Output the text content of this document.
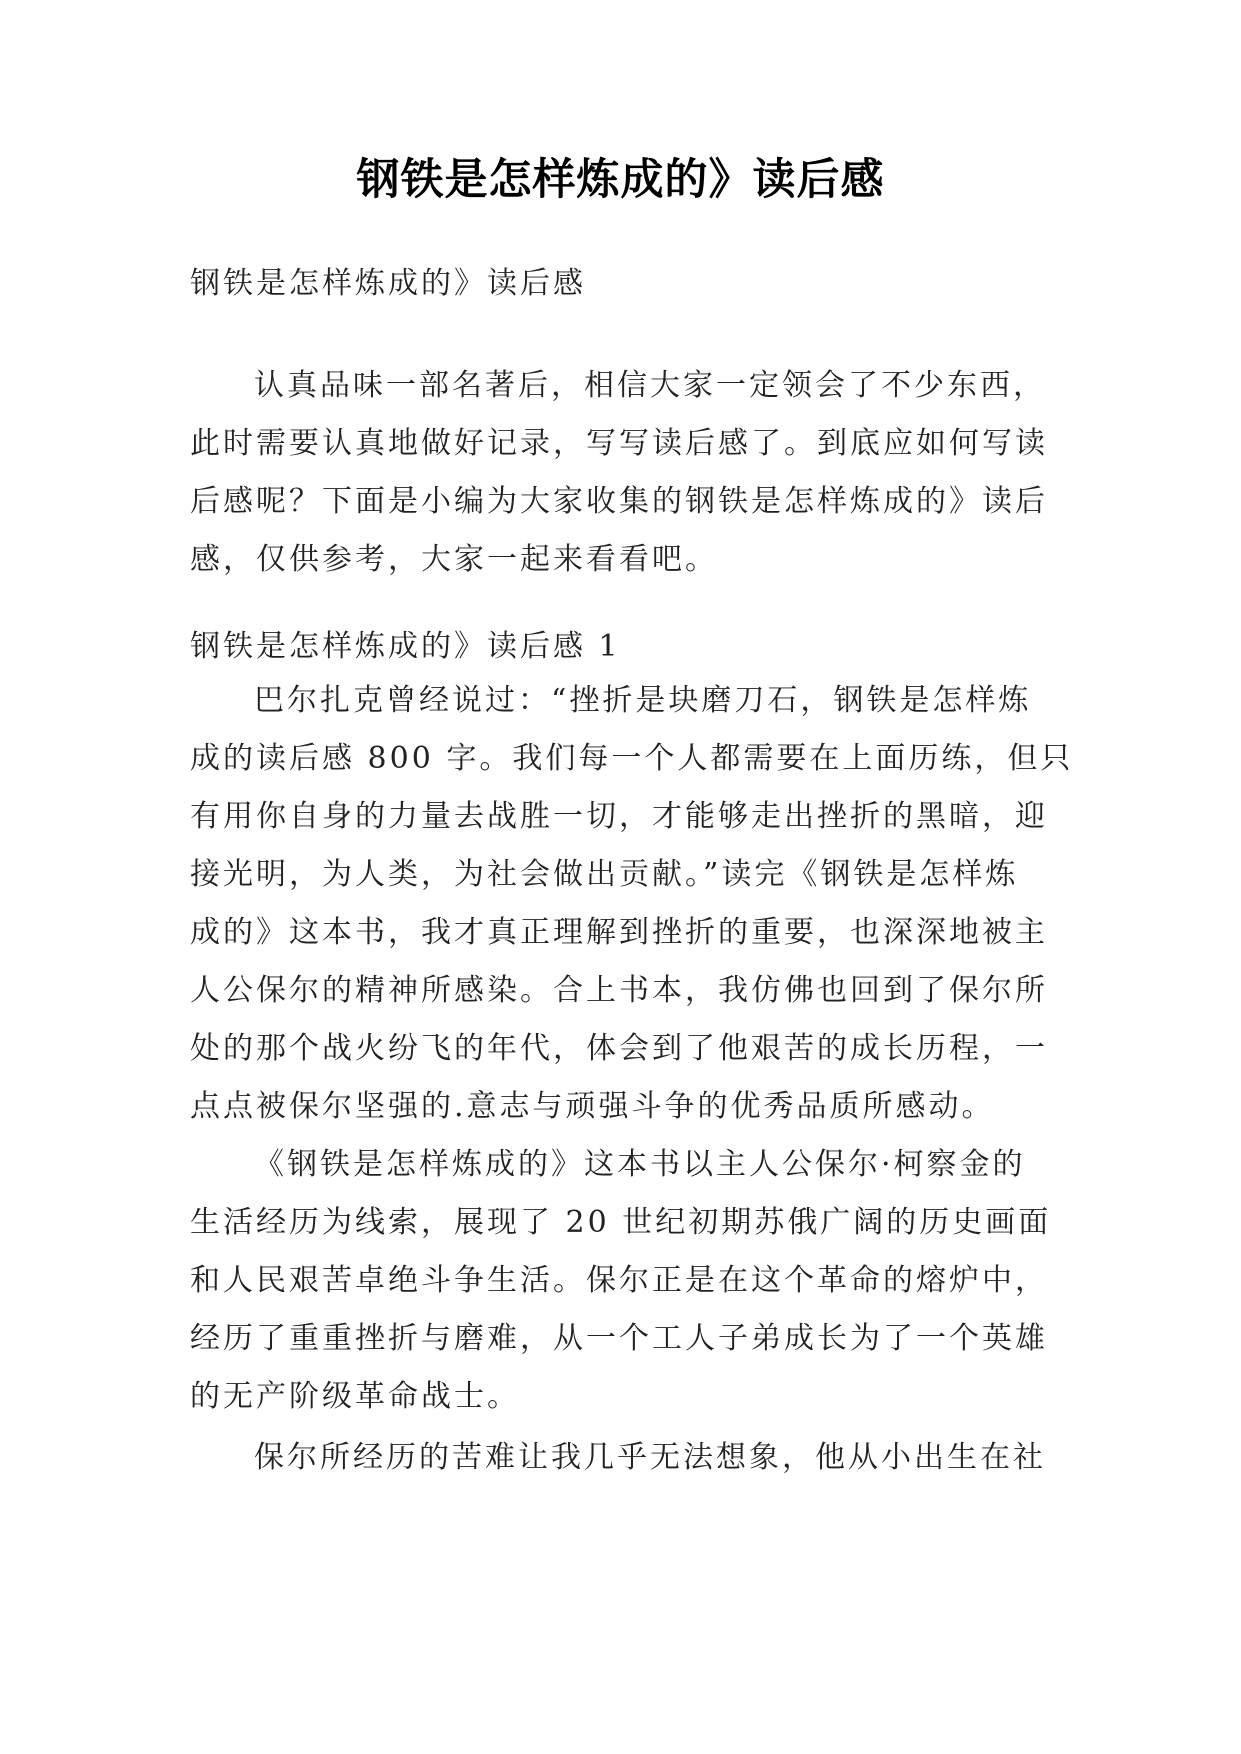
钢铁是怎样炼成的》读后感
钢铁是怎样炼成的》读后感
认真品味一部名著后，相信大家一定领会了不少东西，
此时需要认真地做好记录，写写读后感了。到底应如何写读
后感呢？下面是小编为大家收集的钢铁是怎样炼成的》读后
感，仅供参考，大家一起来看看吧。
钢铁是怎样炼成的》读后感 1
巴尔扎克曾经说过：“挫折是块磨刀石，钢铁是怎样炼
成的读后感 800 字。我们每一个人都需要在上面历练，但只
有用你自身的力量去战胜一切，才能够走出挫折的黑暗，迎
接光明，为人类，为社会做出贡献。”读完《钢铁是怎样炼
成的》这本书，我才真正理解到挫折的重要，也深深地被主
人公保尔的精神所感染。合上书本，我仿佛也回到了保尔所
处的那个战火纷飞的年代，体会到了他艰苦的成长历程，一
点点被保尔坚强的.意志与顽强斗争的优秀品质所感动。
《钢铁是怎样炼成的》这本书以主人公保尔·柯察金的
生活经历为线索，展现了 20 世纪初期苏俄广阔的历史画面
和人民艰苦卓绝斗争生活。保尔正是在这个革命的熔炉中，
经历了重重挫折与磨难，从一个工人子弟成长为了一个英雄
的无产阶级革命战士。
保尔所经历的苦难让我几乎无法想象，他从小出生在社
